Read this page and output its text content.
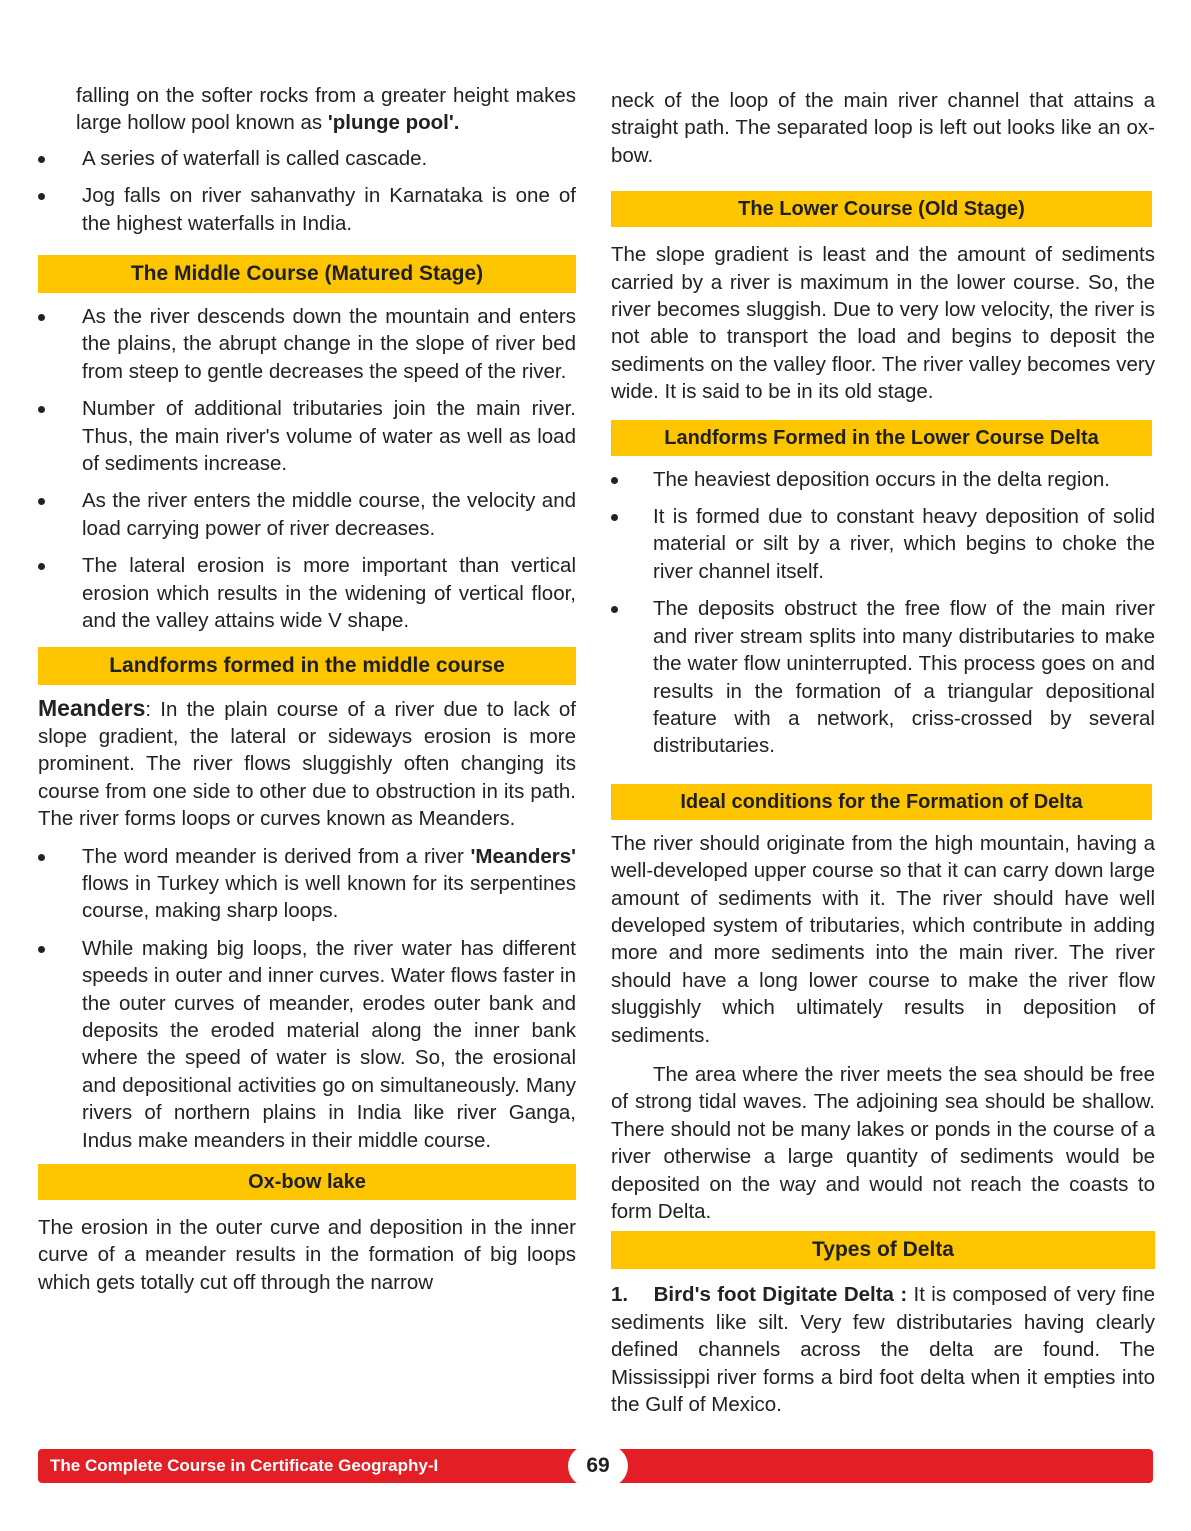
falling on the softer rocks from a greater height makes large hollow pool known as 'plunge pool'.

A series of waterfall is called cascade.

Jog falls on river sahanvathy in Karnataka is one of the highest waterfalls in India.

The Middle Course (Matured Stage)

As the river descends down the mountain and enters the plains, the abrupt change in the slope of river bed from steep to gentle decreases the speed of the river.

Number of additional tributaries join the main river. Thus, the main river's volume of water as well as load of sediments increase.

As the river enters the middle course, the velocity and load carrying power of river decreases.

The lateral erosion is more important than vertical erosion which results in the widening of vertical floor, and the valley attains wide V shape.

Landforms formed in the middle course

Meanders: In the plain course of a river due to lack of slope gradient, the lateral or sideways erosion is more prominent. The river flows sluggishly often changing its course from one side to other due to obstruction in its path. The river forms loops or curves known as Meanders.

The word meander is derived from a river 'Meanders' flows in Turkey which is well known for its serpentines course, making sharp loops.

While making big loops, the river water has different speeds in outer and inner curves. Water flows faster in the outer curves of meander, erodes outer bank and deposits the eroded material along the inner bank where the speed of water is slow. So, the erosional and depositional activities go on simultaneously. Many rivers of northern plains in India like river Ganga, Indus make meanders in their middle course.

Ox-bow lake

The erosion in the outer curve and deposition in the inner curve of a meander results in the formation of big loops which gets totally cut off through the narrow

neck of the loop of the main river channel that attains a straight path. The separated loop is left out looks like an ox-bow.

The Lower Course (Old Stage)

The slope gradient is least and the amount of sediments carried by a river is maximum in the lower course. So, the river becomes sluggish. Due to very low velocity, the river is not able to transport the load and begins to deposit the sediments on the valley floor. The river valley becomes very wide. It is said to be in its old stage.

Landforms Formed in the Lower Course Delta

The heaviest deposition occurs in the delta region.

It is formed due to constant heavy deposition of solid material or silt by a river, which begins to choke the river channel itself.

The deposits obstruct the free flow of the main river and river stream splits into many distributaries to make the water flow uninterrupted. This process goes on and results in the formation of a triangular depositional feature with a network, criss-crossed by several distributaries.

Ideal conditions for the Formation of Delta

The river should originate from the high mountain, having a well-developed upper course so that it can carry down large amount of sediments with it. The river should have well developed system of tributaries, which contribute in adding more and more sediments into the main river. The river should have a long lower course to make the river flow sluggishly which ultimately results in deposition of sediments.

The area where the river meets the sea should be free of strong tidal waves. The adjoining sea should be shallow. There should not be many lakes or ponds in the course of a river otherwise a large quantity of sediments would be deposited on the way and would not reach the coasts to form Delta.

Types of Delta

1. Bird's foot Digitate Delta : It is composed of very fine sediments like silt. Very few distributaries having clearly defined channels across the delta are found. The Mississippi river forms a bird foot delta when it empties into the Gulf of Mexico.

The Complete Course in Certificate Geography-I	69
